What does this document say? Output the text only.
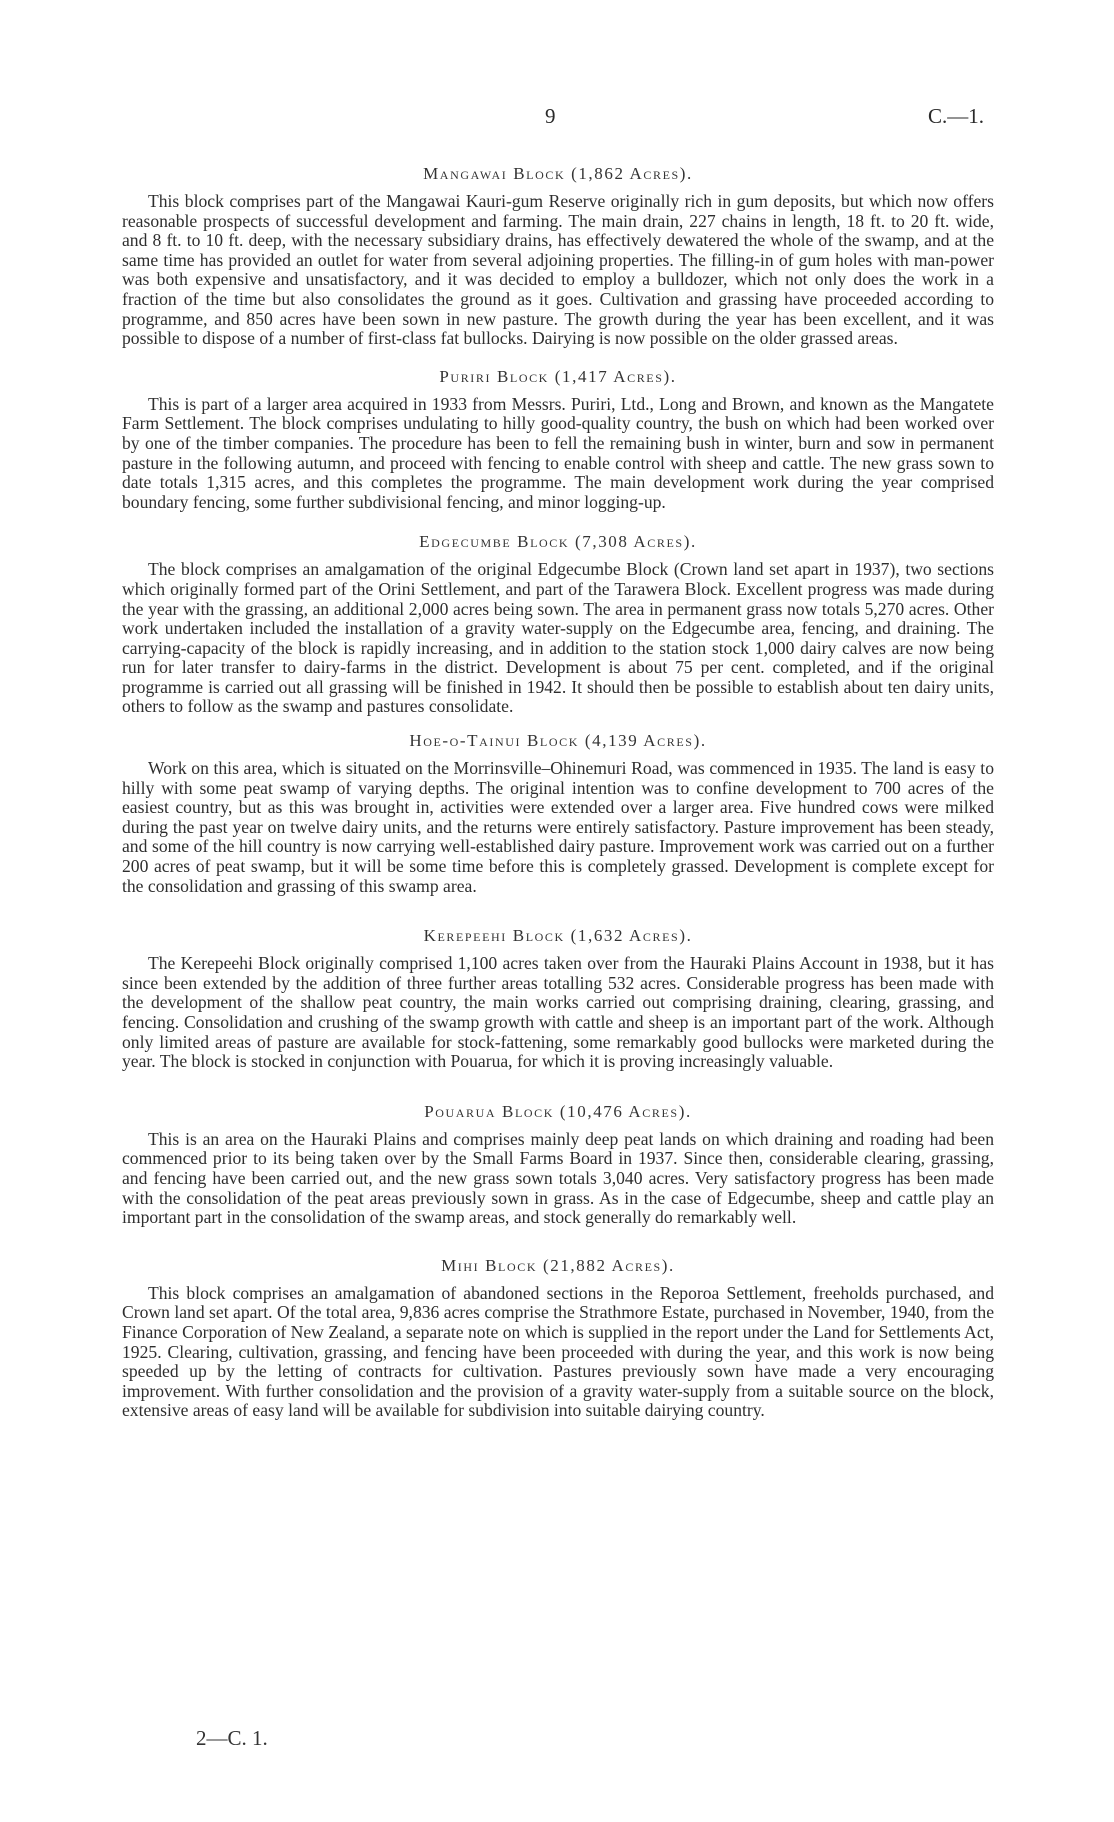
9	C.—1.
Mangawai Block (1,862 Acres).

This block comprises part of the Mangawai Kauri-gum Reserve originally rich in gum deposits, but which now offers reasonable prospects of successful development and farming. The main drain, 227 chains in length, 18 ft. to 20 ft. wide, and 8 ft. to 10 ft. deep, with the necessary subsidiary drains, has effectively dewatered the whole of the swamp, and at the same time has provided an outlet for water from several adjoining properties. The filling-in of gum holes with man-power was both expensive and unsatisfactory, and it was decided to employ a bulldozer, which not only does the work in a fraction of the time but also consolidates the ground as it goes. Cultivation and grassing have proceeded according to programme, and 850 acres have been sown in new pasture. The growth during the year has been excellent, and it was possible to dispose of a number of first-class fat bullocks. Dairying is now possible on the older grassed areas.

Puriri Block (1,417 Acres).

This is part of a larger area acquired in 1933 from Messrs. Puriri, Ltd., Long and Brown, and known as the Mangatete Farm Settlement. The block comprises undulating to hilly good-quality country, the bush on which had been worked over by one of the timber companies. The procedure has been to fell the remaining bush in winter, burn and sow in permanent pasture in the following autumn, and proceed with fencing to enable control with sheep and cattle. The new grass sown to date totals 1,315 acres, and this completes the programme. The main development work during the year comprised boundary fencing, some further subdivisional fencing, and minor logging-up.

Edgecumbe Block (7,308 Acres).

The block comprises an amalgamation of the original Edgecumbe Block (Crown land set apart in 1937), two sections which originally formed part of the Orini Settlement, and part of the Tarawera Block. Excellent progress was made during the year with the grassing, an additional 2,000 acres being sown. The area in permanent grass now totals 5,270 acres. Other work undertaken included the installation of a gravity water-supply on the Edgecumbe area, fencing, and draining. The carrying-capacity of the block is rapidly increasing, and in addition to the station stock 1,000 dairy calves are now being run for later transfer to dairy-farms in the district. Development is about 75 per cent. completed, and if the original programme is carried out all grassing will be finished in 1942. It should then be possible to establish about ten dairy units, others to follow as the swamp and pastures consolidate.

Hoe-o-Tainui Block (4,139 Acres).

Work on this area, which is situated on the Morrinsville–Ohinemuri Road, was commenced in 1935. The land is easy to hilly with some peat swamp of varying depths. The original intention was to confine development to 700 acres of the easiest country, but as this was brought in, activities were extended over a larger area. Five hundred cows were milked during the past year on twelve dairy units, and the returns were entirely satisfactory. Pasture improvement has been steady, and some of the hill country is now carrying well-established dairy pasture. Improvement work was carried out on a further 200 acres of peat swamp, but it will be some time before this is completely grassed. Development is complete except for the consolidation and grassing of this swamp area.

Kerepeehi Block (1,632 Acres).

The Kerepeehi Block originally comprised 1,100 acres taken over from the Hauraki Plains Account in 1938, but it has since been extended by the addition of three further areas totalling 532 acres. Considerable progress has been made with the development of the shallow peat country, the main works carried out comprising draining, clearing, grassing, and fencing. Consolidation and crushing of the swamp growth with cattle and sheep is an important part of the work. Although only limited areas of pasture are available for stock-fattening, some remarkably good bullocks were marketed during the year. The block is stocked in conjunction with Pouarua, for which it is proving increasingly valuable.

Pouarua Block (10,476 Acres).

This is an area on the Hauraki Plains and comprises mainly deep peat lands on which draining and roading had been commenced prior to its being taken over by the Small Farms Board in 1937. Since then, considerable clearing, grassing, and fencing have been carried out, and the new grass sown totals 3,040 acres. Very satisfactory progress has been made with the consolidation of the peat areas previously sown in grass. As in the case of Edgecumbe, sheep and cattle play an important part in the consolidation of the swamp areas, and stock generally do remarkably well.

Mihi Block (21,882 Acres).

This block comprises an amalgamation of abandoned sections in the Reporoa Settlement, freeholds purchased, and Crown land set apart. Of the total area, 9,836 acres comprise the Strathmore Estate, purchased in November, 1940, from the Finance Corporation of New Zealand, a separate note on which is supplied in the report under the Land for Settlements Act, 1925. Clearing, cultivation, grassing, and fencing have been proceeded with during the year, and this work is now being speeded up by the letting of contracts for cultivation. Pastures previously sown have made a very encouraging improvement. With further consolidation and the provision of a gravity water-supply from a suitable source on the block, extensive areas of easy land will be available for subdivision into suitable dairying country.

2—C. 1.
